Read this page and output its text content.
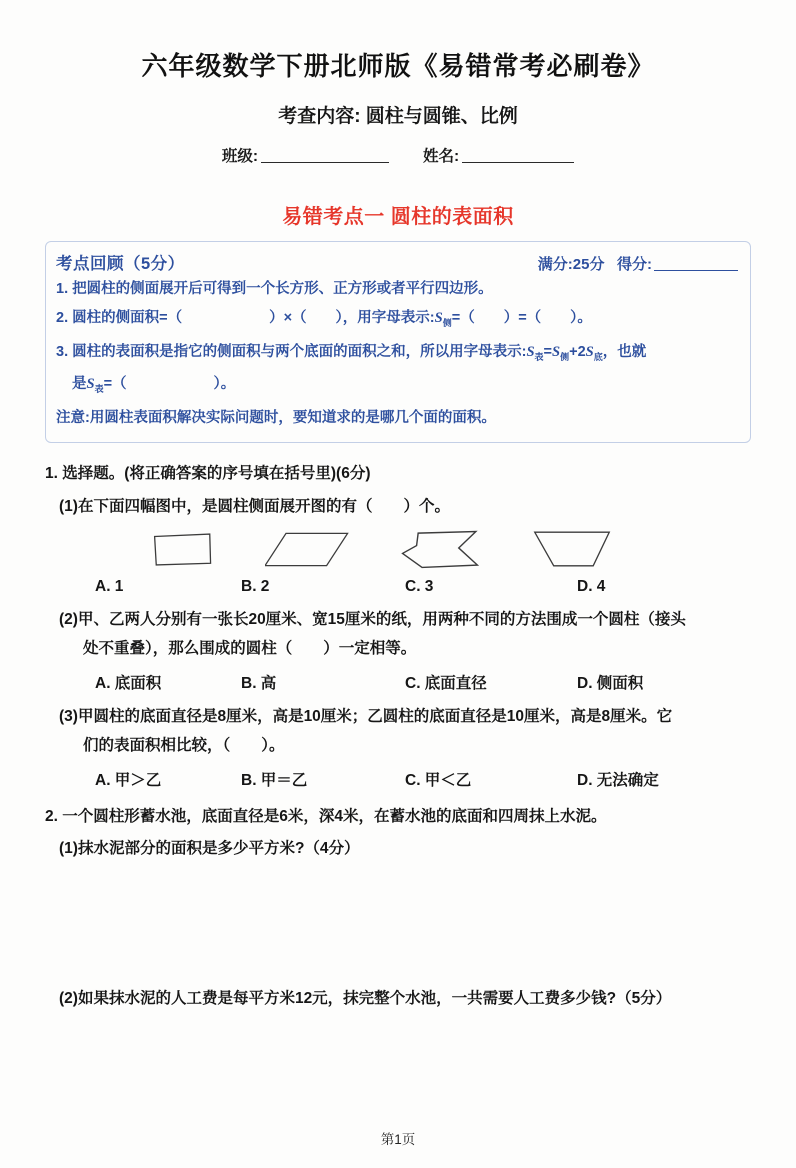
六年级数学下册北师版《易错常考必刷卷》
考查内容: 圆柱与圆锥、比例
班级:	姓名:
易错考点一 圆柱的表面积
考点回顾（5分）	满分:25分 得分:
1. 把圆柱的侧面展开后可得到一个长方形、正方形或者平行四边形。
2. 圆柱的侧面积=（　　　　　　）×（　　），用字母表示$:S_侧=$（　　）=（　　）。
3. 圆柱的表面积是指它的侧面积与两个底面的面积之和，所以用字母表示$:S_表=S_侧+2S_底$，也就
是$S_表=$（　　　　　　）。
注意:用圆柱表面积解决实际问题时，要知道求的是哪几个面的面积。
1. 选择题。(将正确答案的序号填在括号里)(6分)
(1)在下面四幅图中，是圆柱侧面展开图的有（　　）个。
A. 1	B. 2	C. 3	D. 4
(2)甲、乙两人分别有一张长20厘米、宽15厘米的纸，用两种不同的方法围成一个圆柱（接头
处不重叠），那么围成的圆柱（　　）一定相等。
A. 底面积	B. 高	C. 底面直径	D. 侧面积
(3)甲圆柱的底面直径是8厘米，高是10厘米；乙圆柱的底面直径是10厘米，高是8厘米。它
们的表面积相比较，（　　）。
A. 甲＞乙	B. 甲＝乙	C. 甲＜乙	D. 无法确定
2. 一个圆柱形蓄水池，底面直径是6米，深4米，在蓄水池的底面和四周抹上水泥。
(1)抹水泥部分的面积是多少平方米?（4分）
(2)如果抹水泥的人工费是每平方米12元，抹完整个水池，一共需要人工费多少钱?（5分）
第1页
